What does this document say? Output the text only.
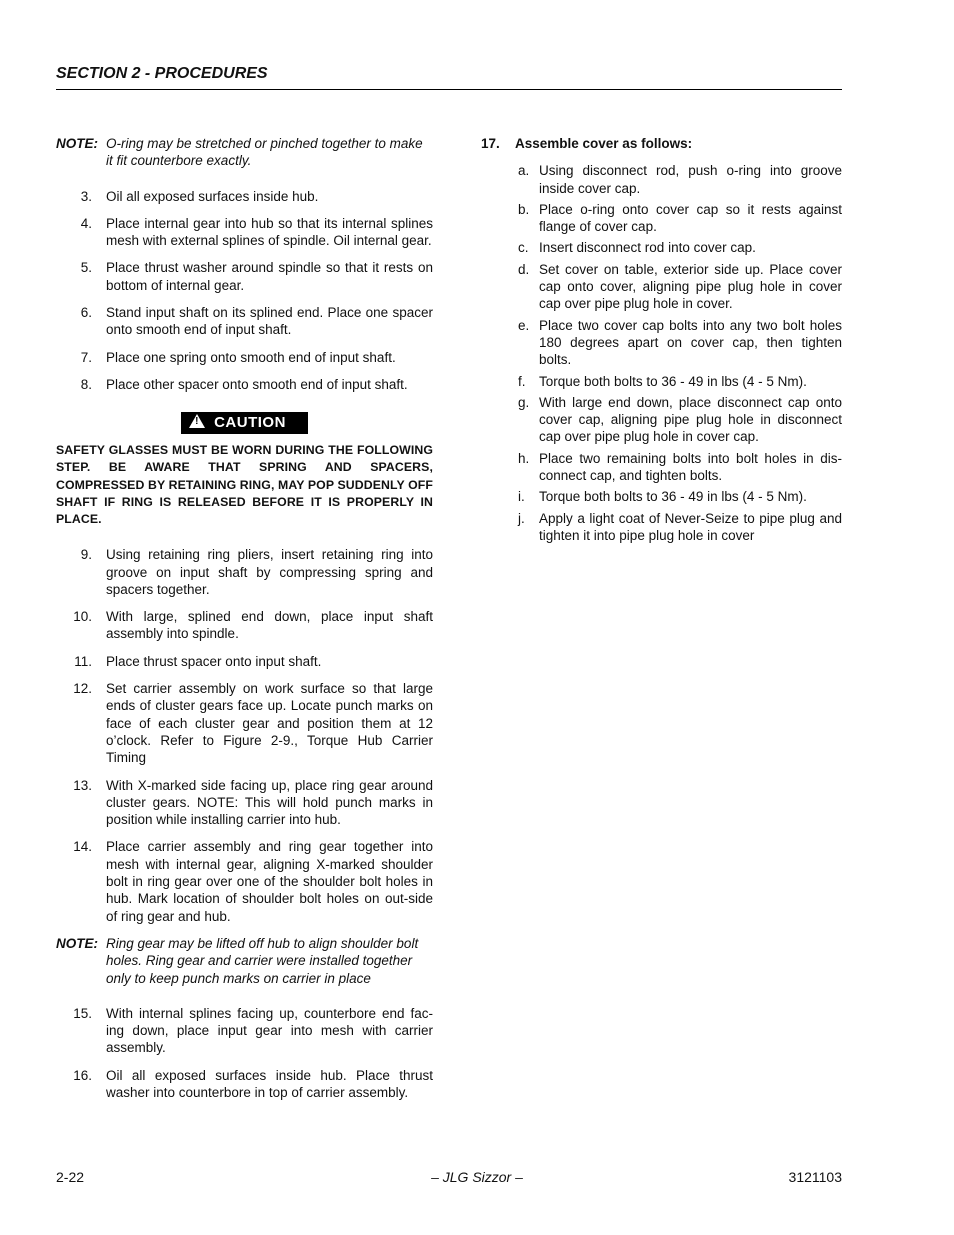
SECTION 2 - PROCEDURES
NOTE: O-ring may be stretched or pinched together to make it fit counterbore exactly.
3. Oil all exposed surfaces inside hub.
4. Place internal gear into hub so that its internal splines mesh with external splines of spindle. Oil internal gear.
5. Place thrust washer around spindle so that it rests on bottom of internal gear.
6. Stand input shaft on its splined end. Place one spacer onto smooth end of input shaft.
7. Place one spring onto smooth end of input shaft.
8. Place other spacer onto smooth end of input shaft.
!CAUTION
SAFETY GLASSES MUST BE WORN DURING THE FOLLOWING STEP. BE AWARE THAT SPRING AND SPACERS, COMPRESSED BY RETAINING RING, MAY POP SUDDENLY OFF SHAFT IF RING IS RELEASED BEFORE IT IS PROPERLY IN PLACE.
9. Using retaining ring pliers, insert retaining ring into groove on input shaft by compressing spring and spacers together.
10. With large, splined end down, place input shaft assembly into spindle.
11. Place thrust spacer onto input shaft.
12. Set carrier assembly on work surface so that large ends of cluster gears face up. Locate punch marks on face of each cluster gear and position them at 12 o’clock. Refer to Figure 2-9., Torque Hub Carrier Timing
13. With X-marked side facing up, place ring gear around cluster gears. NOTE: This will hold punch marks in position while installing carrier into hub.
14. Place carrier assembly and ring gear together into mesh with internal gear, aligning X-marked shoulder bolt in ring gear over one of the shoulder bolt holes in hub. Mark location of shoulder bolt holes on out-side of ring gear and hub.
NOTE: Ring gear may be lifted off hub to align shoulder bolt holes. Ring gear and carrier were installed together only to keep punch marks on carrier in place
15. With internal splines facing up, counterbore end fac-ing down, place input gear into mesh with carrier assembly.
16. Oil all exposed surfaces inside hub. Place thrust washer into counterbore in top of carrier assembly.
17. Assemble cover as follows:
a. Using disconnect rod, push o-ring into groove inside cover cap.
b. Place o-ring onto cover cap so it rests against flange of cover cap.
c. Insert disconnect rod into cover cap.
d. Set cover on table, exterior side up. Place cover cap onto cover, aligning pipe plug hole in cover cap over pipe plug hole in cover.
e. Place two cover cap bolts into any two bolt holes 180 degrees apart on cover cap, then tighten bolts.
f. Torque both bolts to 36 - 49 in lbs (4 - 5 Nm).
g. With large end down, place disconnect cap onto cover cap, aligning pipe plug hole in disconnect cap over pipe plug hole in cover cap.
h. Place two remaining bolts into bolt holes in dis-connect cap, and tighten bolts.
i. Torque both bolts to 36 - 49 in lbs (4 - 5 Nm).
j. Apply a light coat of Never-Seize to pipe plug and tighten it into pipe plug hole in cover
2-22	– JLG Sizzor –	3121103
